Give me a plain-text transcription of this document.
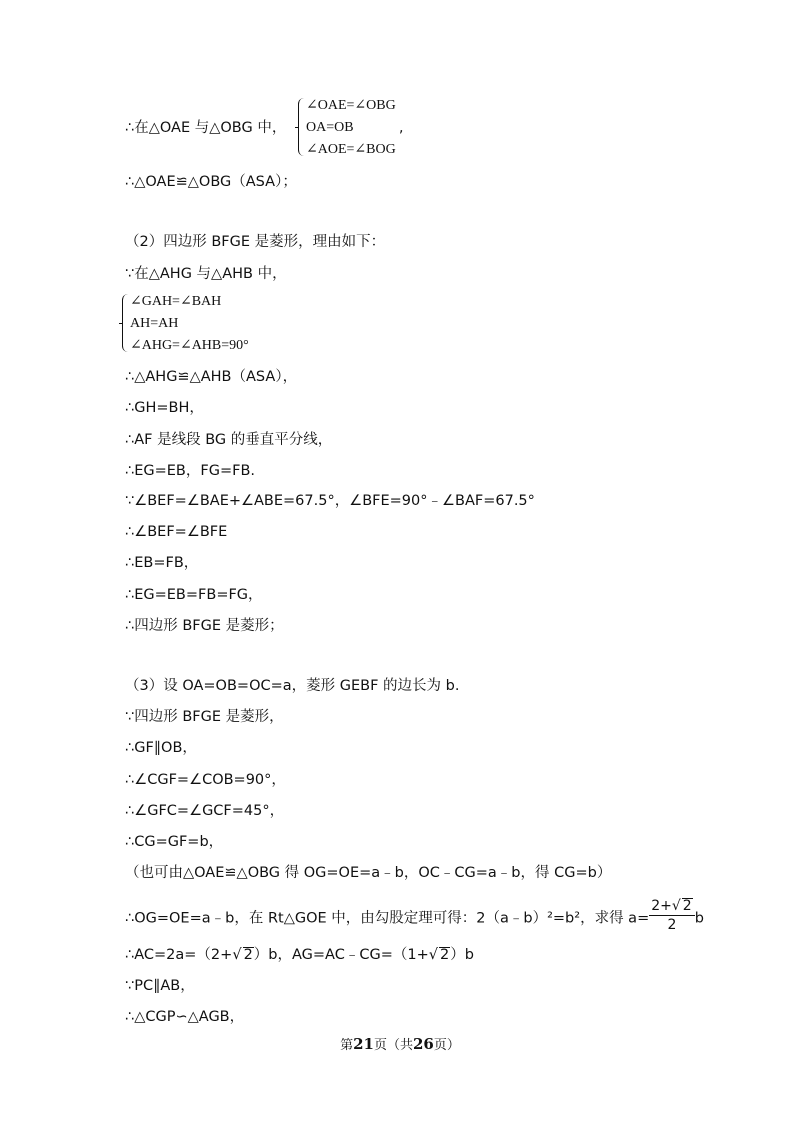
∴在△OAE 与△OBG 中，
∠OAE=∠OBG
OA=OB
∠AOE=∠BOG
,
∴△OAE≌△OBG（ASA）；
（2）四边形 BFGE 是菱形，理由如下：
∵在△AHG 与△AHB 中，
∠GAH=∠BAH
AH=AH
∠AHG=∠AHB=90°
∴△AHG≌△AHB（ASA），
∴GH=BH，
∴AF 是线段 BG 的垂直平分线，
∴EG=EB，FG=FB.
∵∠BEF=∠BAE+∠ABE=67.5°，∠BFE=90°﹣∠BAF=67.5°
∴∠BEF=∠BFE
∴EB=FB，
∴EG=EB=FB=FG，
∴四边形 BFGE 是菱形；
（3）设 OA=OB=OC=a，菱形 GEBF 的边长为 b.
∵四边形 BFGE 是菱形，
∴GF∥OB，
∴∠CGF=∠COB=90°，
∴∠GFC=∠GCF=45°，
∴CG=GF=b，
（也可由△OAE≌△OBG 得 OG=OE=a﹣b，OC﹣CG=a﹣b，得 CG=b）
∴OG=OE=a﹣b，在 Rt△GOE 中，由勾股定理可得：2（a﹣b）²=b²，求得 $a= \frac{2+√ 2}{2}$ b
∴AC=2a=（2+√ 2）b，AG=AC﹣CG=（1+√ 2）b
∵PC∥AB，
∴△CGP∽△AGB，
第21页（共26页）
